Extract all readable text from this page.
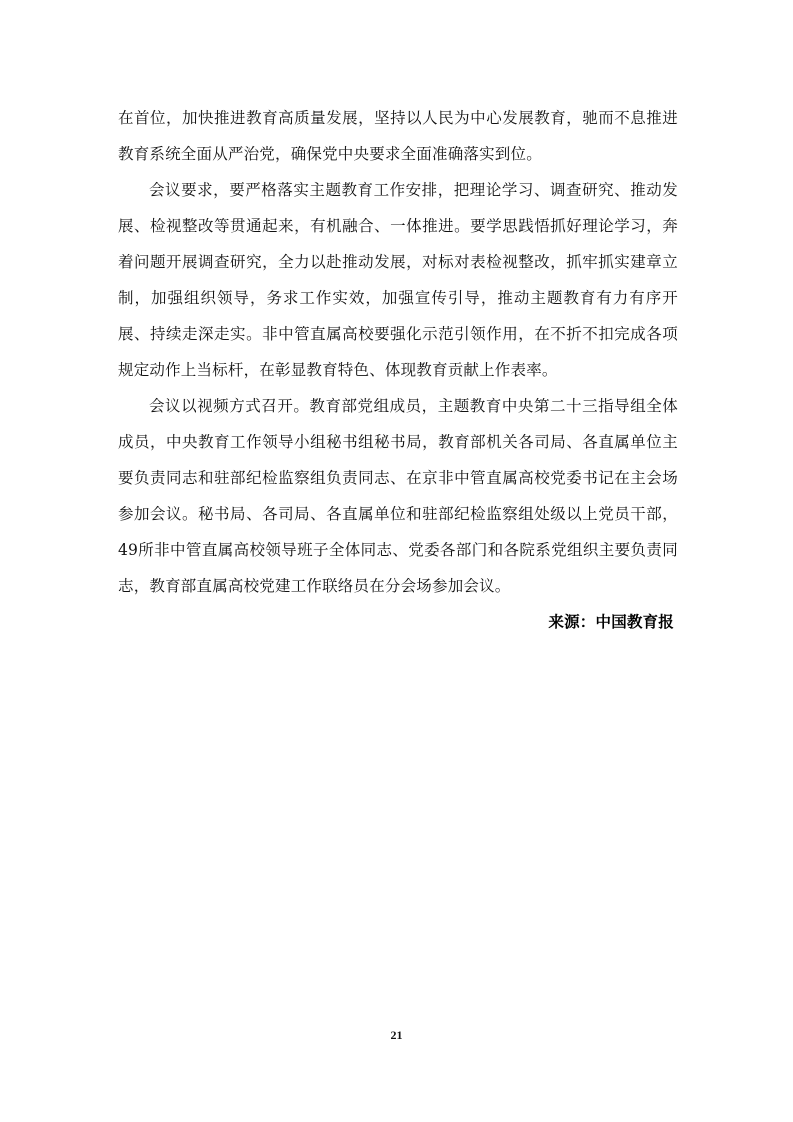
在首位，加快推进教育高质量发展，坚持以人民为中心发展教育，驰而不息推进教育系统全面从严治党，确保党中央要求全面准确落实到位。

会议要求，要严格落实主题教育工作安排，把理论学习、调查研究、推动发展、检视整改等贯通起来，有机融合、一体推进。要学思践悟抓好理论学习，奔着问题开展调查研究，全力以赴推动发展，对标对表检视整改，抓牢抓实建章立制，加强组织领导，务求工作实效，加强宣传引导，推动主题教育有力有序开展、持续走深走实。非中管直属高校要强化示范引领作用，在不折不扣完成各项规定动作上当标杆，在彰显教育特色、体现教育贡献上作表率。

会议以视频方式召开。教育部党组成员，主题教育中央第二十三指导组全体成员，中央教育工作领导小组秘书组秘书局，教育部机关各司局、各直属单位主要负责同志和驻部纪检监察组负责同志、在京非中管直属高校党委书记在主会场参加会议。秘书局、各司局、各直属单位和驻部纪检监察组处级以上党员干部，49所非中管直属高校领导班子全体同志、党委各部门和各院系党组织主要负责同志，教育部直属高校党建工作联络员在分会场参加会议。

来源：中国教育报

21
